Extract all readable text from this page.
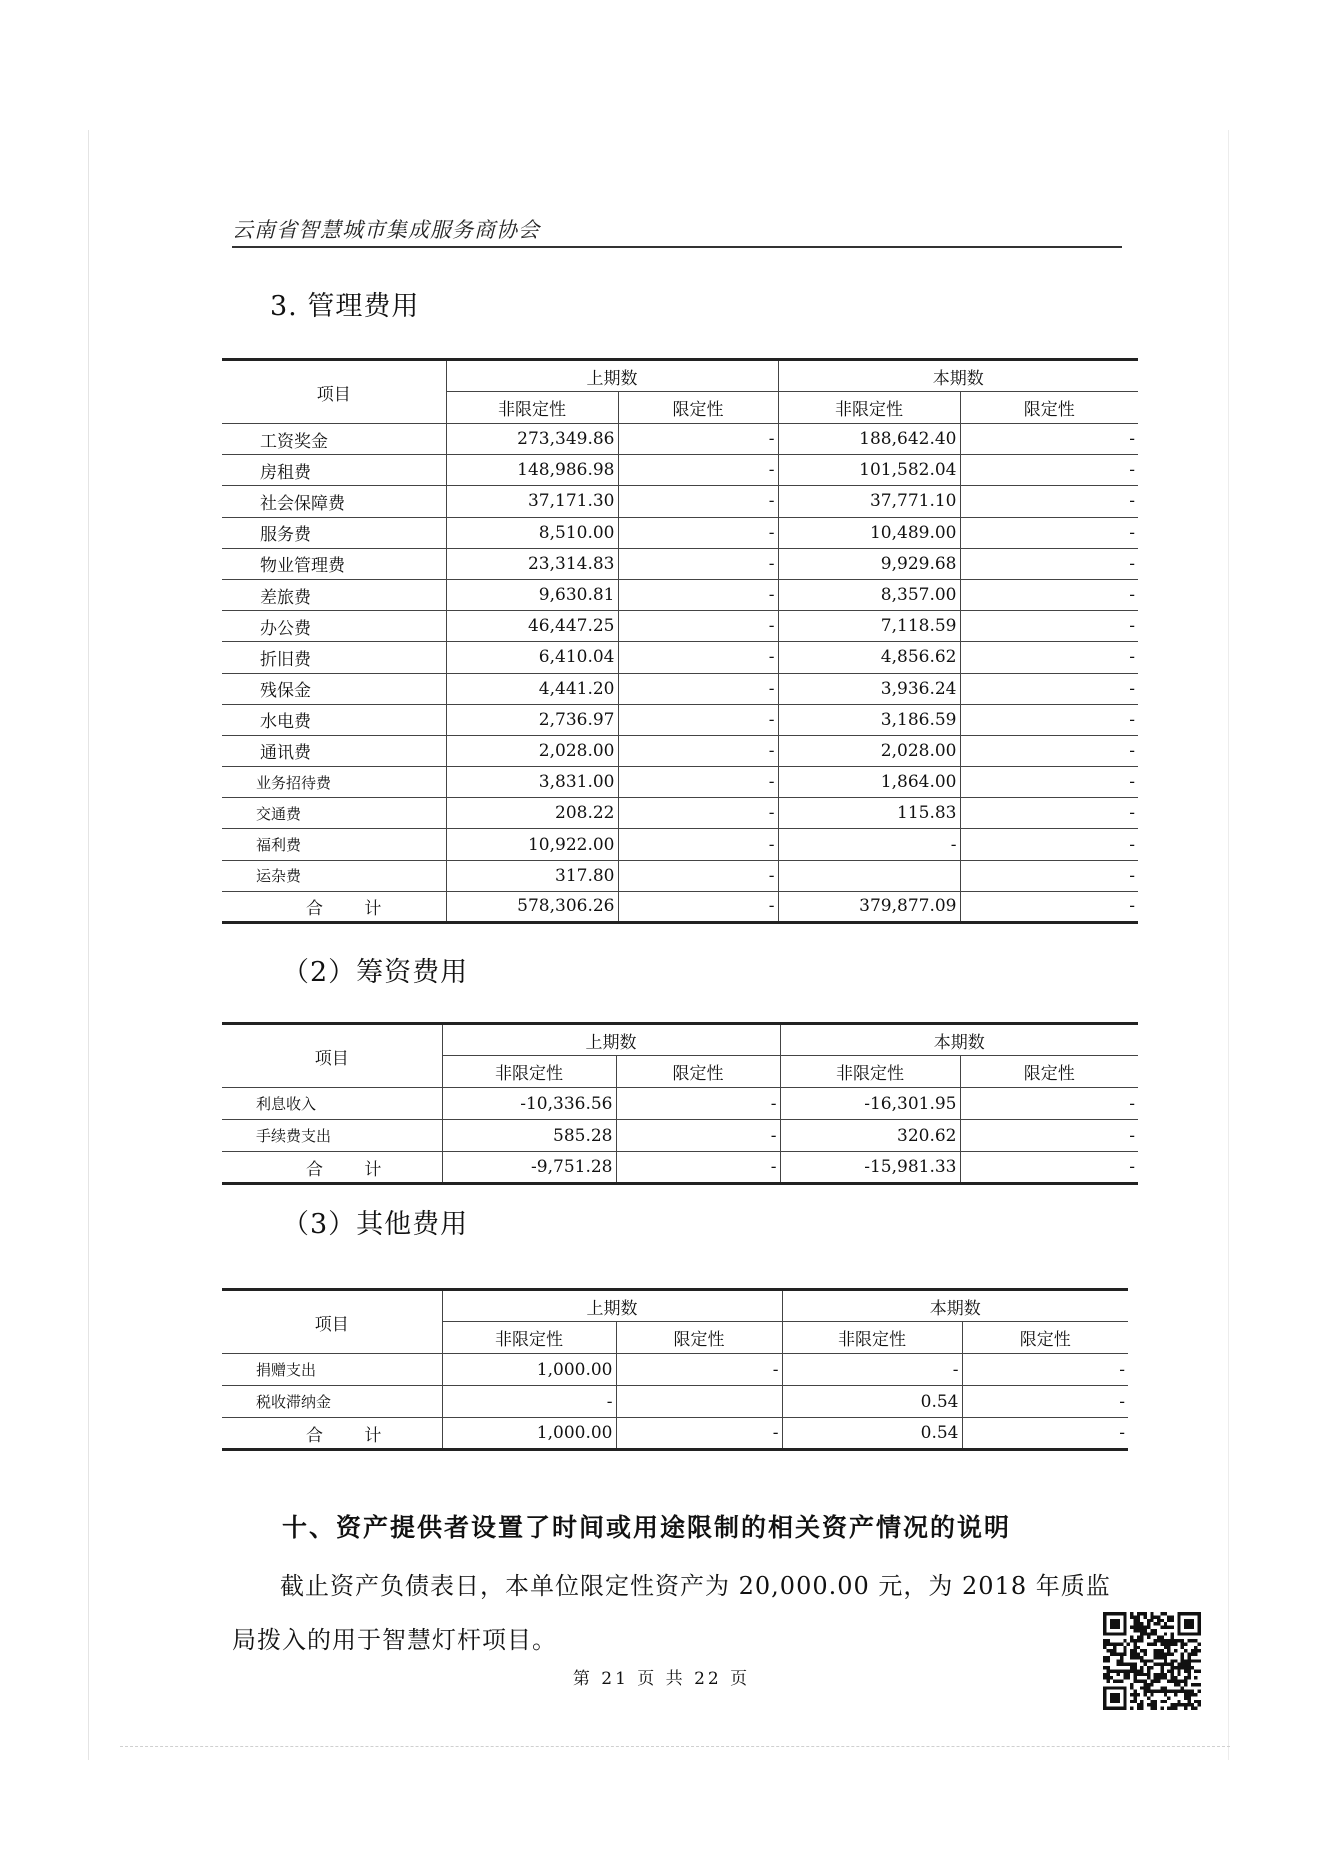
云南省智慧城市集成服务商协会
3. 管理费用
项目	上期数		本期数	
	非限定性	限定性	非限定性	限定性
工资奖金	273,349.86	-	188,642.40	-
房租费	148,986.98	-	101,582.04	-
社会保障费	37,171.30	-	37,771.10	-
服务费	8,510.00	-	10,489.00	-
物业管理费	23,314.83	-	9,929.68	-
差旅费	9,630.81	-	8,357.00	-
办公费	46,447.25	-	7,118.59	-
折旧费	6,410.04	-	4,856.62	-
残保金	4,441.20	-	3,936.24	-
水电费	2,736.97	-	3,186.59	-
通讯费	2,028.00	-	2,028.00	-
业务招待费	3,831.00	-	1,864.00	-
交通费	208.22	-	115.83	-
福利费	10,922.00	-	-	-
运杂费	317.80	-		-
合 计	578,306.26	-	379,877.09	-
（2）筹资费用
项目	上期数		本期数	
	非限定性	限定性	非限定性	限定性
利息收入	-10,336.56	-	-16,301.95	-
手续费支出	585.28	-	320.62	-
合 计	-9,751.28	-	-15,981.33	-
（3）其他费用
项目	上期数		本期数	
	非限定性	限定性	非限定性	限定性
捐赠支出	1,000.00	-	-	-
税收滞纳金	-		0.54	-
合 计	1,000.00	-	0.54	-
十、资产提供者设置了时间或用途限制的相关资产情况的说明
截止资产负债表日，本单位限定性资产为 20,000.00 元，为 2018 年质监
局拨入的用于智慧灯杆项目。
第 21 页 共 22 页
